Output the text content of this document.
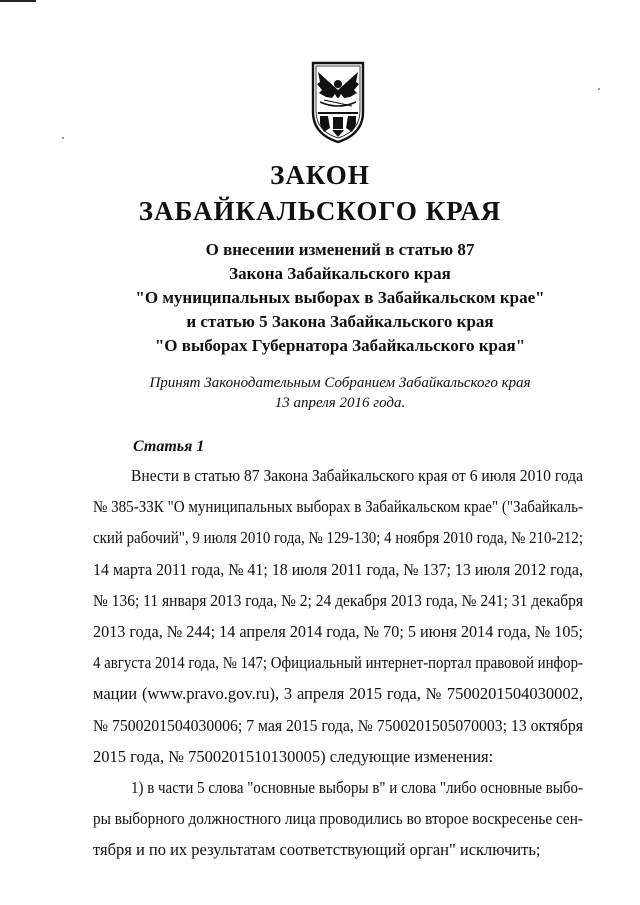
ЗАКОН
ЗАБАЙКАЛЬСКОГО КРАЯ
О внесении изменений в статью 87
Закона Забайкальского края
"О муниципальных выборах в Забайкальском крае"
и статью 5 Закона Забайкальского края
"О выборах Губернатора Забайкальского края"
Принят Законодательным Собранием Забайкальского края
13 апреля 2016 года.
Статья 1
Внести в статью 87 Закона Забайкальского края от 6 июля 2010 года
№ 385-ЗЗК "О муниципальных выборах в Забайкальском крае" ("Забайкаль-
ский рабочий", 9 июля 2010 года, № 129-130; 4 ноября 2010 года, № 210-212;
14 марта 2011 года, № 41; 18 июля 2011 года, № 137; 13 июля 2012 года,
№ 136; 11 января 2013 года, № 2; 24 декабря 2013 года, № 241; 31 декабря
2013 года, № 244; 14 апреля 2014 года, № 70; 5 июня 2014 года, № 105;
4 августа 2014 года, № 147; Официальный интернет-портал правовой инфор-
мации (www.pravo.gov.ru), 3 апреля 2015 года, № 7500201504030002,
№ 7500201504030006; 7 мая 2015 года, № 7500201505070003; 13 октября
2015 года, № 7500201510130005) следующие изменения:
1) в части 5 слова "основные выборы в" и слова "либо основные выбо-
ры выборного должностного лица проводились во второе воскресенье сен-
тября и по их результатам соответствующий орган" исключить;
